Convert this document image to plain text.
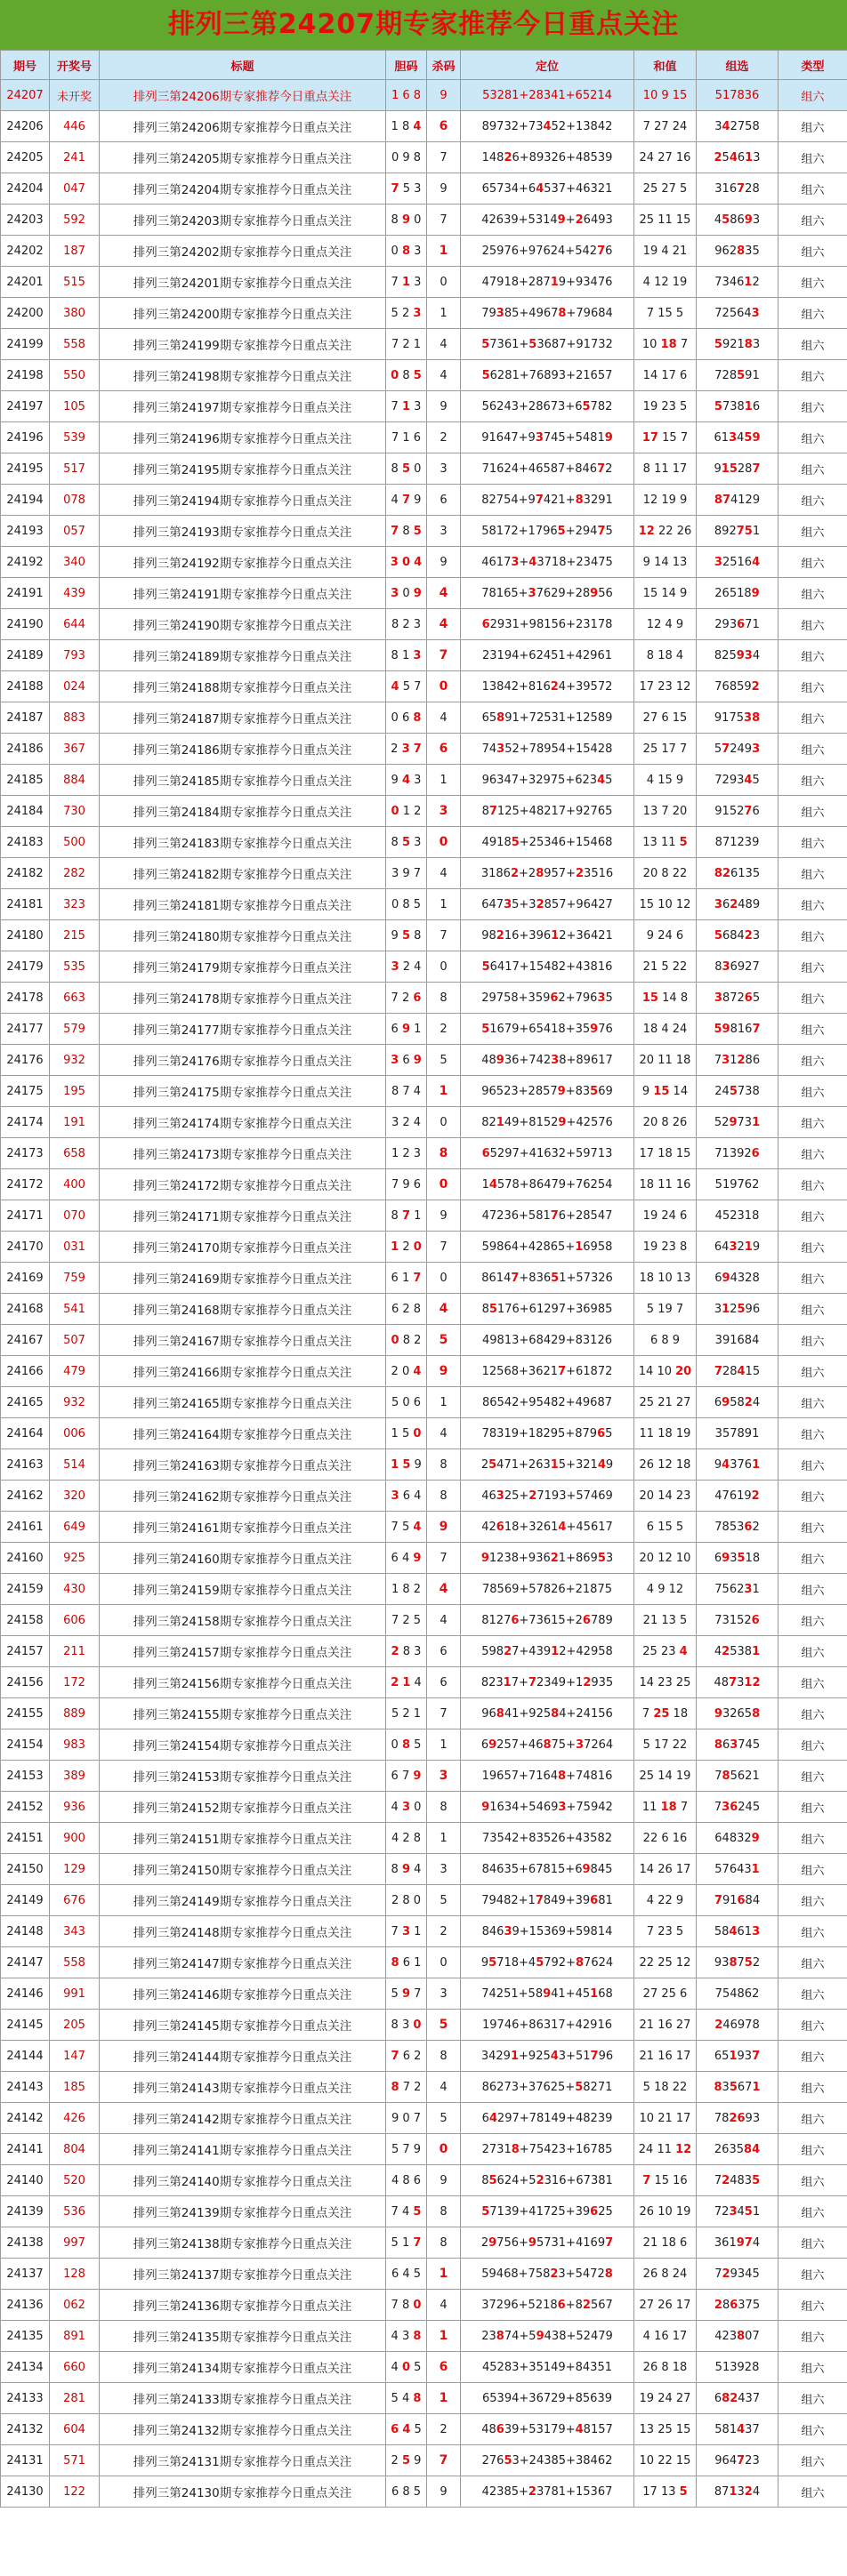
排列三第24207期专家推荐今日重点关注
期号	开奖号	标题	胆码	杀码	定位	和值	组选	类型
24207	未开奖	排列三第24206期专家推荐今日重点关注	1 6 8	9	53281+28341+65214	10 9 15	517836	组六
24206	446	排列三第24206期专家推荐今日重点关注	1 8 4	6	89732+73452+13842	7 27 24	342758	组六
24205	241	排列三第24205期专家推荐今日重点关注	0 9 8	7	14826+89326+48539	24 27 16	254613	组六
24204	047	排列三第24204期专家推荐今日重点关注	7 5 3	9	65734+64537+46321	25 27 5	316728	组六
24203	592	排列三第24203期专家推荐今日重点关注	8 9 0	7	42639+53149+26493	25 11 15	458693	组六
24202	187	排列三第24202期专家推荐今日重点关注	0 8 3	1	25976+97624+54276	19 4 21	962835	组六
24201	515	排列三第24201期专家推荐今日重点关注	7 1 3	0	47918+28719+93476	4 12 19	734612	组六
24200	380	排列三第24200期专家推荐今日重点关注	5 2 3	1	79385+49678+79684	7 15 5	725643	组六
24199	558	排列三第24199期专家推荐今日重点关注	7 2 1	4	57361+53687+91732	10 18 7	592183	组六
24198	550	排列三第24198期专家推荐今日重点关注	0 8 5	4	56281+76893+21657	14 17 6	728591	组六
24197	105	排列三第24197期专家推荐今日重点关注	7 1 3	9	56243+28673+65782	19 23 5	573816	组六
24196	539	排列三第24196期专家推荐今日重点关注	7 1 6	2	91647+93745+54819	17 15 7	613459	组六
24195	517	排列三第24195期专家推荐今日重点关注	8 5 0	3	71624+46587+84672	8 11 17	915287	组六
24194	078	排列三第24194期专家推荐今日重点关注	4 7 9	6	82754+97421+83291	12 19 9	874129	组六
24193	057	排列三第24193期专家推荐今日重点关注	7 8 5	3	58172+17965+29475	12 22 26	892751	组六
24192	340	排列三第24192期专家推荐今日重点关注	3 0 4	9	46173+43718+23475	9 14 13	325164	组六
24191	439	排列三第24191期专家推荐今日重点关注	3 0 9	4	78165+37629+28956	15 14 9	265189	组六
24190	644	排列三第24190期专家推荐今日重点关注	8 2 3	4	62931+98156+23178	12 4 9	293671	组六
24189	793	排列三第24189期专家推荐今日重点关注	8 1 3	7	23194+62451+42961	8 18 4	825934	组六
24188	024	排列三第24188期专家推荐今日重点关注	4 5 7	0	13842+81624+39572	17 23 12	768592	组六
24187	883	排列三第24187期专家推荐今日重点关注	0 6 8	4	65891+72531+12589	27 6 15	917538	组六
24186	367	排列三第24186期专家推荐今日重点关注	2 3 7	6	74352+78954+15428	25 17 7	572493	组六
24185	884	排列三第24185期专家推荐今日重点关注	9 4 3	1	96347+32975+62345	4 15 9	729345	组六
24184	730	排列三第24184期专家推荐今日重点关注	0 1 2	3	87125+48217+92765	13 7 20	915276	组六
24183	500	排列三第24183期专家推荐今日重点关注	8 5 3	0	49185+25346+15468	13 11 5	871239	组六
24182	282	排列三第24182期专家推荐今日重点关注	3 9 7	4	31862+28957+23516	20 8 22	826135	组六
24181	323	排列三第24181期专家推荐今日重点关注	0 8 5	1	64735+32857+96427	15 10 12	362489	组六
24180	215	排列三第24180期专家推荐今日重点关注	9 5 8	7	98216+39612+36421	9 24 6	568423	组六
24179	535	排列三第24179期专家推荐今日重点关注	3 2 4	0	56417+15482+43816	21 5 22	836927	组六
24178	663	排列三第24178期专家推荐今日重点关注	7 2 6	8	29758+35962+79635	15 14 8	387265	组六
24177	579	排列三第24177期专家推荐今日重点关注	6 9 1	2	51679+65418+35976	18 4 24	598167	组六
24176	932	排列三第24176期专家推荐今日重点关注	3 6 9	5	48936+74238+89617	20 11 18	731286	组六
24175	195	排列三第24175期专家推荐今日重点关注	8 7 4	1	96523+28579+83569	9 15 14	245738	组六
24174	191	排列三第24174期专家推荐今日重点关注	3 2 4	0	82149+81529+42576	20 8 26	529731	组六
24173	658	排列三第24173期专家推荐今日重点关注	1 2 3	8	65297+41632+59713	17 18 15	713926	组六
24172	400	排列三第24172期专家推荐今日重点关注	7 9 6	0	14578+86479+76254	18 11 16	519762	组六
24171	070	排列三第24171期专家推荐今日重点关注	8 7 1	9	47236+58176+28547	19 24 6	452318	组六
24170	031	排列三第24170期专家推荐今日重点关注	1 2 0	7	59864+42865+16958	19 23 8	643219	组六
24169	759	排列三第24169期专家推荐今日重点关注	6 1 7	0	86147+83651+57326	18 10 13	694328	组六
24168	541	排列三第24168期专家推荐今日重点关注	6 2 8	4	85176+61297+36985	5 19 7	312596	组六
24167	507	排列三第24167期专家推荐今日重点关注	0 8 2	5	49813+68429+83126	6 8 9	391684	组六
24166	479	排列三第24166期专家推荐今日重点关注	2 0 4	9	12568+36217+61872	14 10 20	728415	组六
24165	932	排列三第24165期专家推荐今日重点关注	5 0 6	1	86542+95482+49687	25 21 27	695824	组六
24164	006	排列三第24164期专家推荐今日重点关注	1 5 0	4	78319+18295+87965	11 18 19	357891	组六
24163	514	排列三第24163期专家推荐今日重点关注	1 5 9	8	25471+26315+32149	26 12 18	943761	组六
24162	320	排列三第24162期专家推荐今日重点关注	3 6 4	8	46325+27193+57469	20 14 23	476192	组六
24161	649	排列三第24161期专家推荐今日重点关注	7 5 4	9	42618+32614+45617	6 15 5	785362	组六
24160	925	排列三第24160期专家推荐今日重点关注	6 4 9	7	91238+93621+86953	20 12 10	693518	组六
24159	430	排列三第24159期专家推荐今日重点关注	1 8 2	4	78569+57826+21875	4 9 12	756231	组六
24158	606	排列三第24158期专家推荐今日重点关注	7 2 5	4	81276+73615+26789	21 13 5	731526	组六
24157	211	排列三第24157期专家推荐今日重点关注	2 8 3	6	59827+43912+42958	25 23 4	425381	组六
24156	172	排列三第24156期专家推荐今日重点关注	2 1 4	6	82317+72349+12935	14 23 25	487312	组六
24155	889	排列三第24155期专家推荐今日重点关注	5 2 1	7	96841+92584+24156	7 25 18	932658	组六
24154	983	排列三第24154期专家推荐今日重点关注	0 8 5	1	69257+46875+37264	5 17 22	863745	组六
24153	389	排列三第24153期专家推荐今日重点关注	6 7 9	3	19657+71648+74816	25 14 19	785621	组六
24152	936	排列三第24152期专家推荐今日重点关注	4 3 0	8	91634+54693+75942	11 18 7	736245	组六
24151	900	排列三第24151期专家推荐今日重点关注	4 2 8	1	73542+83526+43582	22 6 16	648329	组六
24150	129	排列三第24150期专家推荐今日重点关注	8 9 4	3	84635+67815+69845	14 26 17	576431	组六
24149	676	排列三第24149期专家推荐今日重点关注	2 8 0	5	79482+17849+39681	4 22 9	791684	组六
24148	343	排列三第24148期专家推荐今日重点关注	7 3 1	2	84639+15369+59814	7 23 5	584613	组六
24147	558	排列三第24147期专家推荐今日重点关注	8 6 1	0	95718+45792+87624	22 25 12	938752	组六
24146	991	排列三第24146期专家推荐今日重点关注	5 9 7	3	74251+58941+45168	27 25 6	754862	组六
24145	205	排列三第24145期专家推荐今日重点关注	8 3 0	5	19746+86317+42916	21 16 27	246978	组六
24144	147	排列三第24144期专家推荐今日重点关注	7 6 2	8	34291+92543+51796	21 16 17	651937	组六
24143	185	排列三第24143期专家推荐今日重点关注	8 7 2	4	86273+37625+58271	5 18 22	835671	组六
24142	426	排列三第24142期专家推荐今日重点关注	9 0 7	5	64297+78149+48239	10 21 17	782693	组六
24141	804	排列三第24141期专家推荐今日重点关注	5 7 9	0	27318+75423+16785	24 11 12	263584	组六
24140	520	排列三第24140期专家推荐今日重点关注	4 8 6	9	85624+52316+67381	7 15 16	724835	组六
24139	536	排列三第24139期专家推荐今日重点关注	7 4 5	8	57139+41725+39625	26 10 19	723451	组六
24138	997	排列三第24138期专家推荐今日重点关注	5 1 7	8	29756+95731+41697	21 18 6	361974	组六
24137	128	排列三第24137期专家推荐今日重点关注	6 4 5	1	59468+75823+54728	26 8 24	729345	组六
24136	062	排列三第24136期专家推荐今日重点关注	7 8 0	4	37296+52186+82567	27 26 17	286375	组六
24135	891	排列三第24135期专家推荐今日重点关注	4 3 8	1	23874+59438+52479	4 16 17	423807	组六
24134	660	排列三第24134期专家推荐今日重点关注	4 0 5	6	45283+35149+84351	26 8 18	513928	组六
24133	281	排列三第24133期专家推荐今日重点关注	5 4 8	1	65394+36729+85639	19 24 27	682437	组六
24132	604	排列三第24132期专家推荐今日重点关注	6 4 5	2	48639+53179+48157	13 25 15	581437	组六
24131	571	排列三第24131期专家推荐今日重点关注	2 5 9	7	27653+24385+38462	10 22 15	964723	组六
24130	122	排列三第24130期专家推荐今日重点关注	6 8 5	9	42385+23781+15367	17 13 5	871324	组六
